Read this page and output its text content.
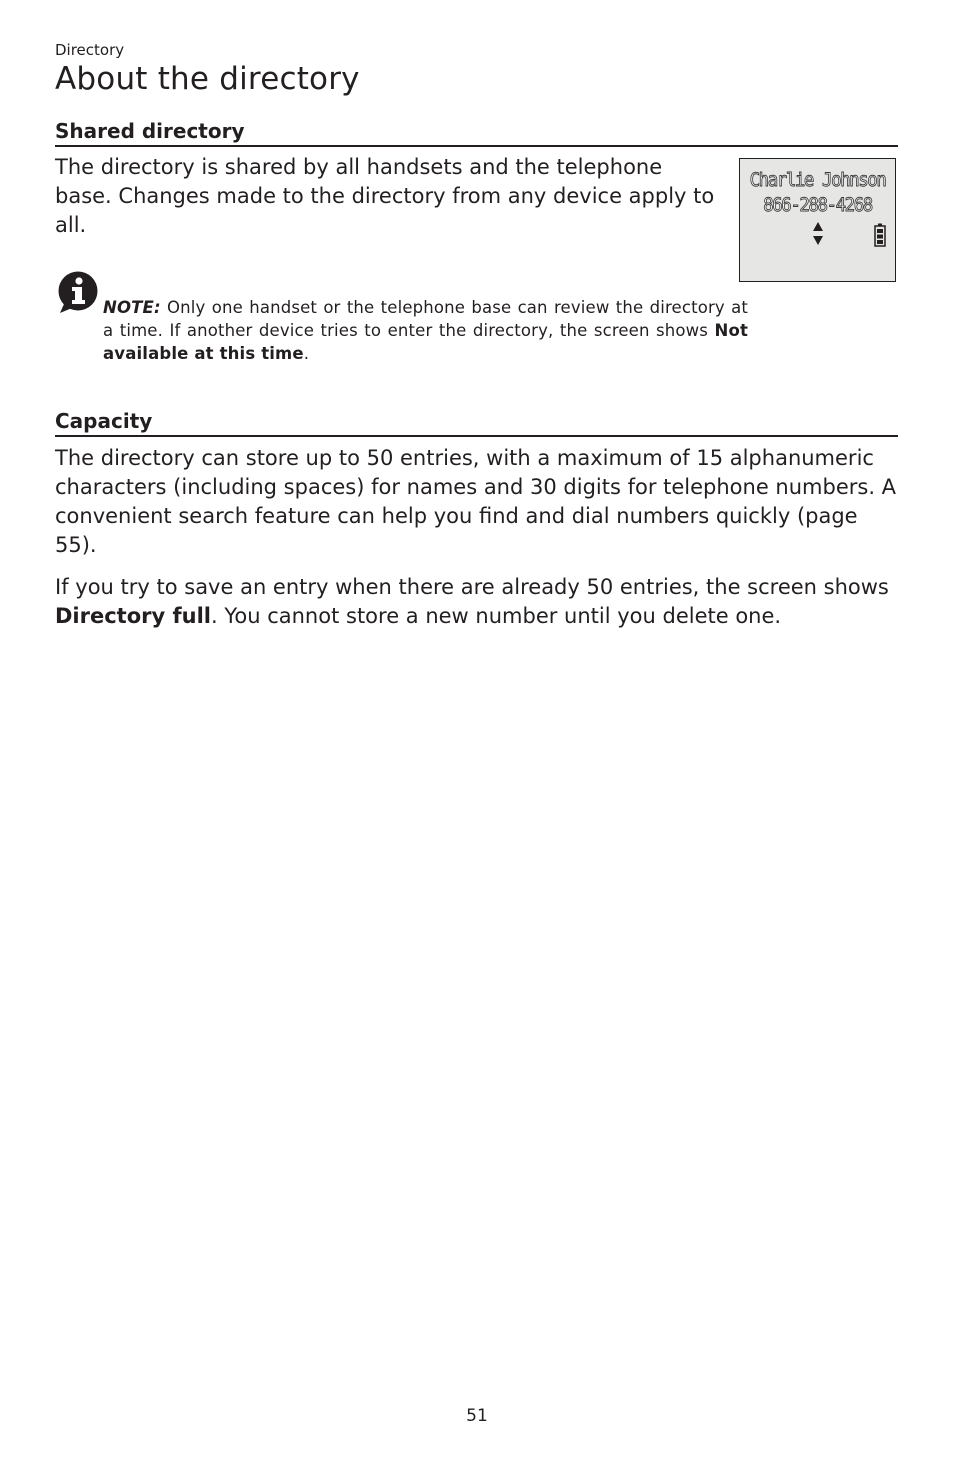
Directory
About the directory
Shared directory

The directory is shared by all handsets and the telephone base. Changes made to the directory from any device apply to all.

Charlie Johnson
866-288-4268
NOTE: Only one handset or the telephone base can review the directory at a time. If another device tries to enter the directory, the screen shows Not available at this time.
Capacity

The directory can store up to 50 entries, with a maximum of 15 alphanumeric characters (including spaces) for names and 30 digits for telephone numbers. A convenient search feature can help you find and dial numbers quickly (page 55).

If you try to save an entry when there are already 50 entries, the screen shows Directory full. You cannot store a new number until you delete one.

51
